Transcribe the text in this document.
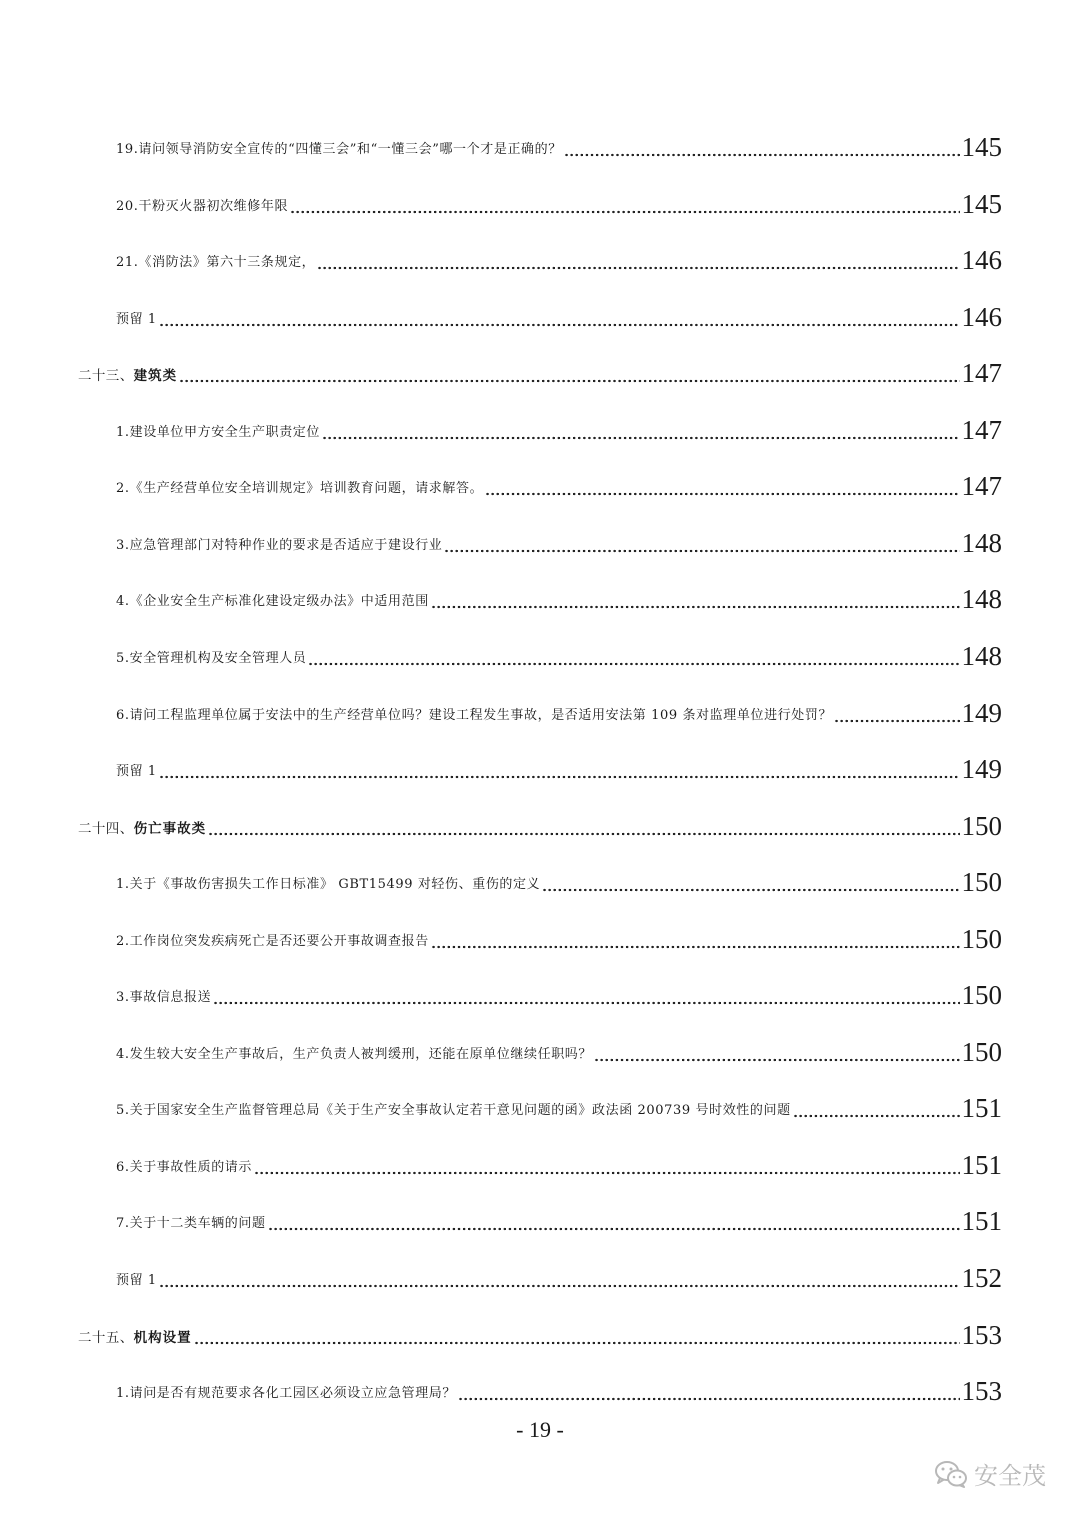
19.请问领导消防安全宣传的“四懂三会”和“一懂三会”哪一个才是正确的？	145
20.干粉灭火器初次维修年限	145
21.《消防法》第六十三条规定，	146
预留 1	146
二十三、建筑类	147
1.建设单位甲方安全生产职责定位	147
2.《生产经营单位安全培训规定》培训教育问题，请求解答。	147
3.应急管理部门对特种作业的要求是否适应于建设行业	148
4.《企业安全生产标准化建设定级办法》中适用范围	148
5.安全管理机构及安全管理人员	148
6.请问工程监理单位属于安法中的生产经营单位吗？建设工程发生事故，是否适用安法第 109 条对监理单位进行处罚？	149
预留 1	149
二十四、伤亡事故类	150
1.关于《事故伤害损失工作日标准》 GBT15499 对轻伤、重伤的定义	150
2.工作岗位突发疾病死亡是否还要公开事故调查报告	150
3.事故信息报送	150
4.发生较大安全生产事故后，生产负责人被判缓刑，还能在原单位继续任职吗？	150
5.关于国家安全生产监督管理总局《关于生产安全事故认定若干意见问题的函》政法函 200739 号时效性的问题	151
6.关于事故性质的请示	151
7.关于十二类车辆的问题	151
预留 1	152
二十五、机构设置	153
1.请问是否有规范要求各化工园区必须设立应急管理局？	153
- 19 -
安全茂
